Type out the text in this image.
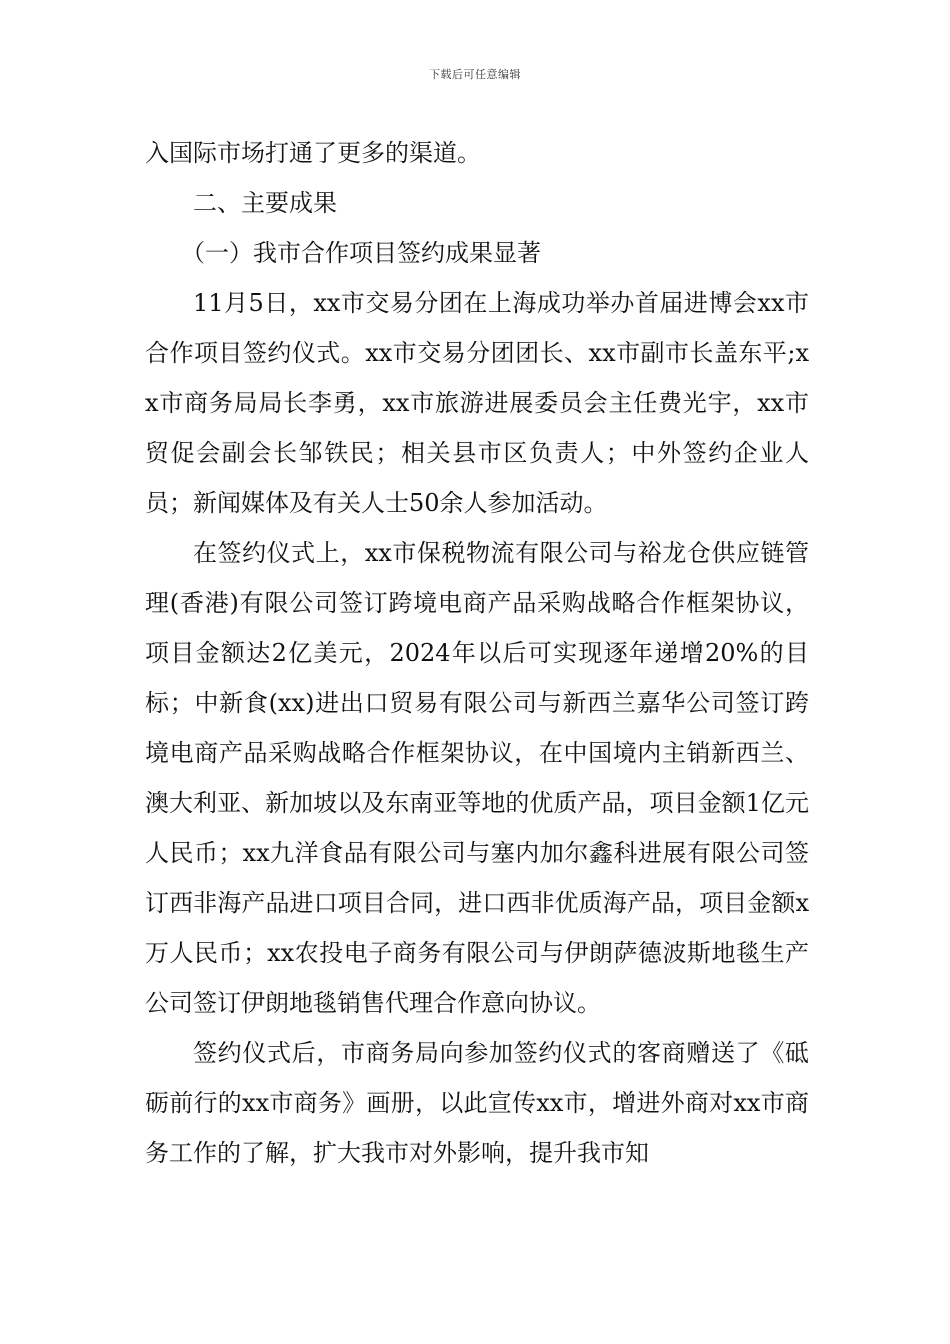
下载后可任意编辑

入国际市场打通了更多的渠道。

二、主要成果

（一）我市合作项目签约成果显著

11月5日，xx市交易分团在上海成功举办首届进博会xx市合作项目签约仪式。xx市交易分团团长、xx市副市长盖东平;xx市商务局局长李勇，xx市旅游进展委员会主任费光宇，xx市贸促会副会长邹铁民；相关县市区负责人；中外签约企业人员；新闻媒体及有关人士50余人参加活动。

在签约仪式上，xx市保税物流有限公司与裕龙仓供应链管理(香港)有限公司签订跨境电商产品采购战略合作框架协议，项目金额达2亿美元，2024年以后可实现逐年递增20%的目标；中新食(xx)进出口贸易有限公司与新西兰嘉华公司签订跨境电商产品采购战略合作框架协议，在中国境内主销新西兰、澳大利亚、新加坡以及东南亚等地的优质产品，项目金额1亿元人民币；xx九洋食品有限公司与塞内加尔鑫科进展有限公司签订西非海产品进口项目合同，进口西非优质海产品，项目金额x万人民币；xx农投电子商务有限公司与伊朗萨德波斯地毯生产公司签订伊朗地毯销售代理合作意向协议。

签约仪式后，市商务局向参加签约仪式的客商赠送了《砥砺前行的xx市商务》画册，以此宣传xx市，增进外商对xx市商务工作的了解，扩大我市对外影响，提升我市知
